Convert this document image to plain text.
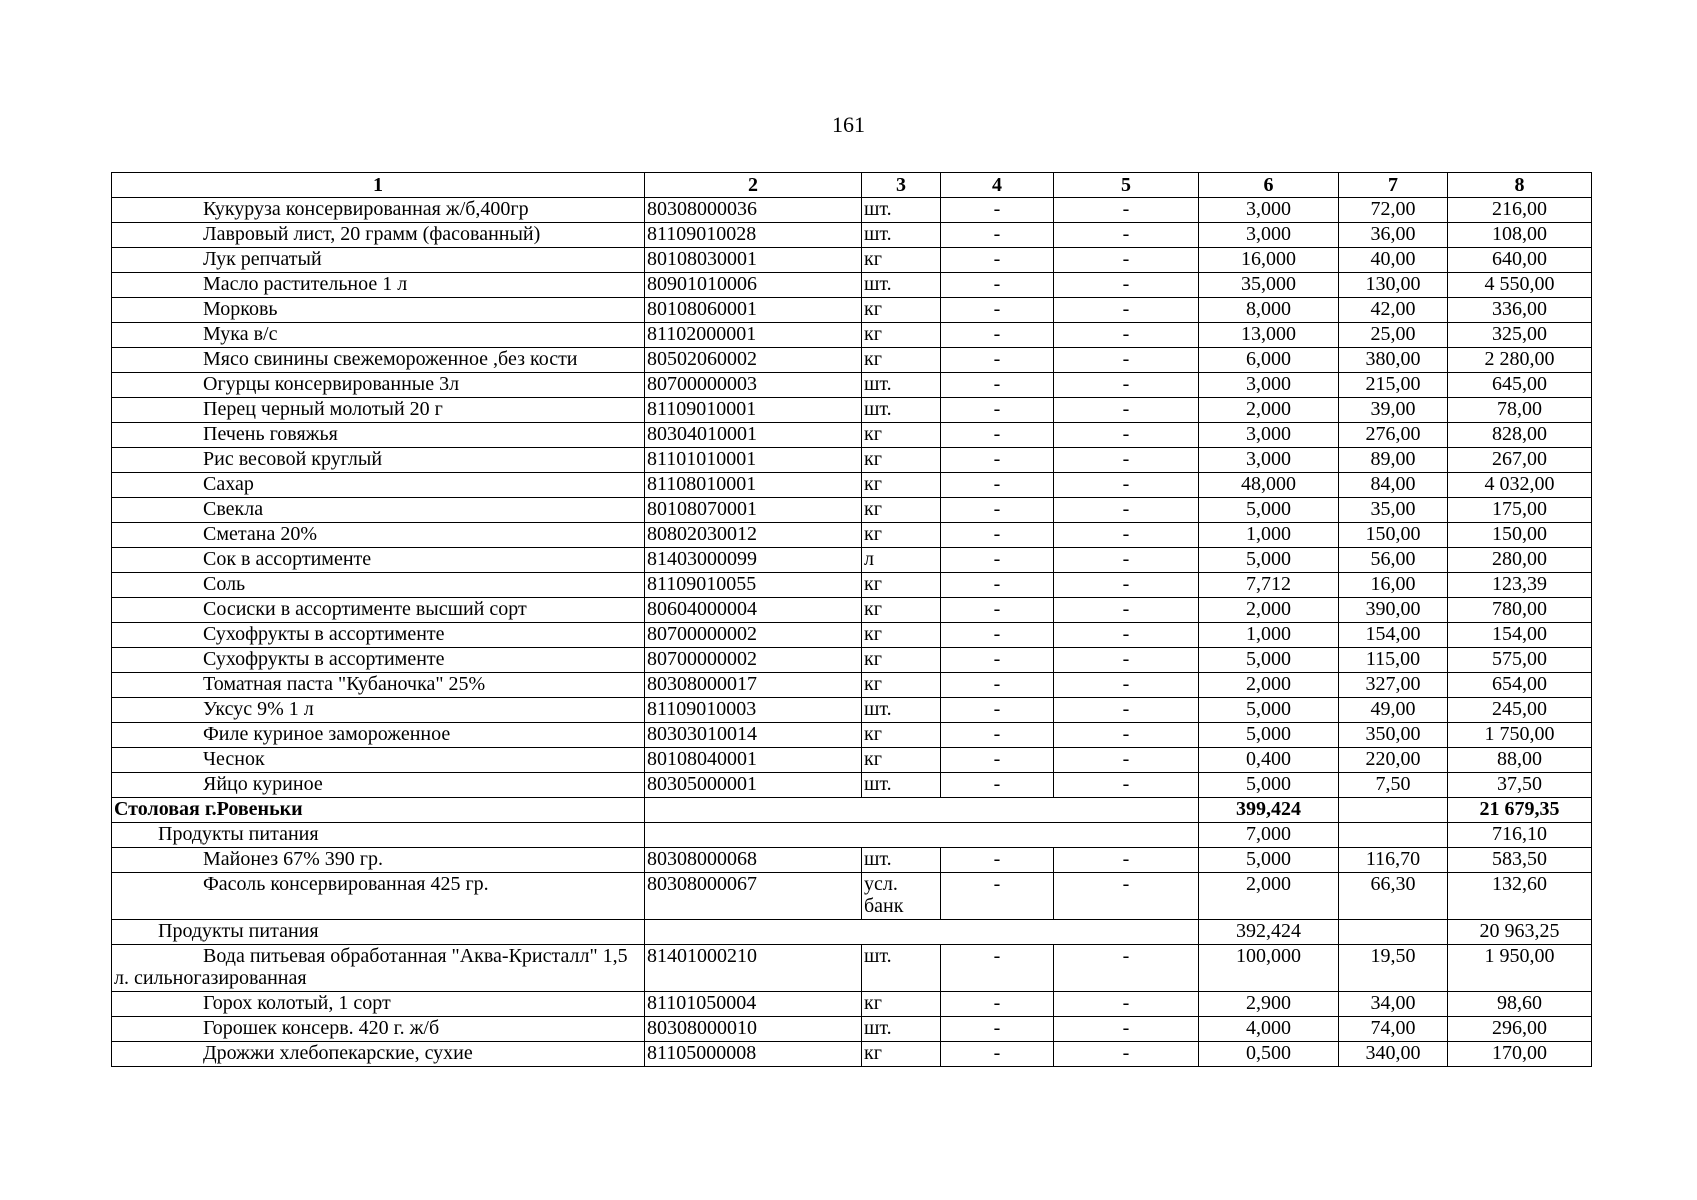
161
1	2	3	4	5	6	7	8
Кукуруза консервированная ж/б,400гр	80308000036	шт.	-	-	3,000	72,00	216,00
Лавровый лист, 20 грамм (фасованный)	81109010028	шт.	-	-	3,000	36,00	108,00
Лук репчатый	80108030001	кг	-	-	16,000	40,00	640,00
Масло растительное 1 л	80901010006	шт.	-	-	35,000	130,00	4 550,00
Морковь	80108060001	кг	-	-	8,000	42,00	336,00
Мука в/с	81102000001	кг	-	-	13,000	25,00	325,00
Мясо свинины свежемороженное ,без кости	80502060002	кг	-	-	6,000	380,00	2 280,00
Огурцы консервированные 3л	80700000003	шт.	-	-	3,000	215,00	645,00
Перец черный молотый 20 г	81109010001	шт.	-	-	2,000	39,00	78,00
Печень говяжья	80304010001	кг	-	-	3,000	276,00	828,00
Рис весовой круглый	81101010001	кг	-	-	3,000	89,00	267,00
Сахар	81108010001	кг	-	-	48,000	84,00	4 032,00
Свекла	80108070001	кг	-	-	5,000	35,00	175,00
Сметана 20%	80802030012	кг	-	-	1,000	150,00	150,00
Сок в ассортименте	81403000099	л	-	-	5,000	56,00	280,00
Соль	81109010055	кг	-	-	7,712	16,00	123,39
Сосиски в ассортименте высший сорт	80604000004	кг	-	-	2,000	390,00	780,00
Сухофрукты в ассортименте	80700000002	кг	-	-	1,000	154,00	154,00
Сухофрукты в ассортименте	80700000002	кг	-	-	5,000	115,00	575,00
Томатная паста "Кубаночка" 25%	80308000017	кг	-	-	2,000	327,00	654,00
Уксус 9% 1 л	81109010003	шт.	-	-	5,000	49,00	245,00
Филе куриное замороженное	80303010014	кг	-	-	5,000	350,00	1 750,00
Чеснок	80108040001	кг	-	-	0,400	220,00	88,00
Яйцо куриное	80305000001	шт.	-	-	5,000	7,50	37,50
Столовая г.Ровеньки					399,424		21 679,35
Продукты питания					7,000		716,10
Майонез 67% 390 гр.	80308000068	шт.	-	-	5,000	116,70	583,50
Фасоль консервированная 425 гр.	80308000067	усл. банк	-	-	2,000	66,30	132,60
Продукты питания					392,424		20 963,25
Вода питьевая обработанная "Аква-Кристалл" 1,5 л. сильногазированная	81401000210	шт.	-	-	100,000	19,50	1 950,00
Горох колотый, 1 сорт	81101050004	кг	-	-	2,900	34,00	98,60
Горошек консерв. 420 г. ж/б	80308000010	шт.	-	-	4,000	74,00	296,00
Дрожжи хлебопекарские, сухие	81105000008	кг	-	-	0,500	340,00	170,00
